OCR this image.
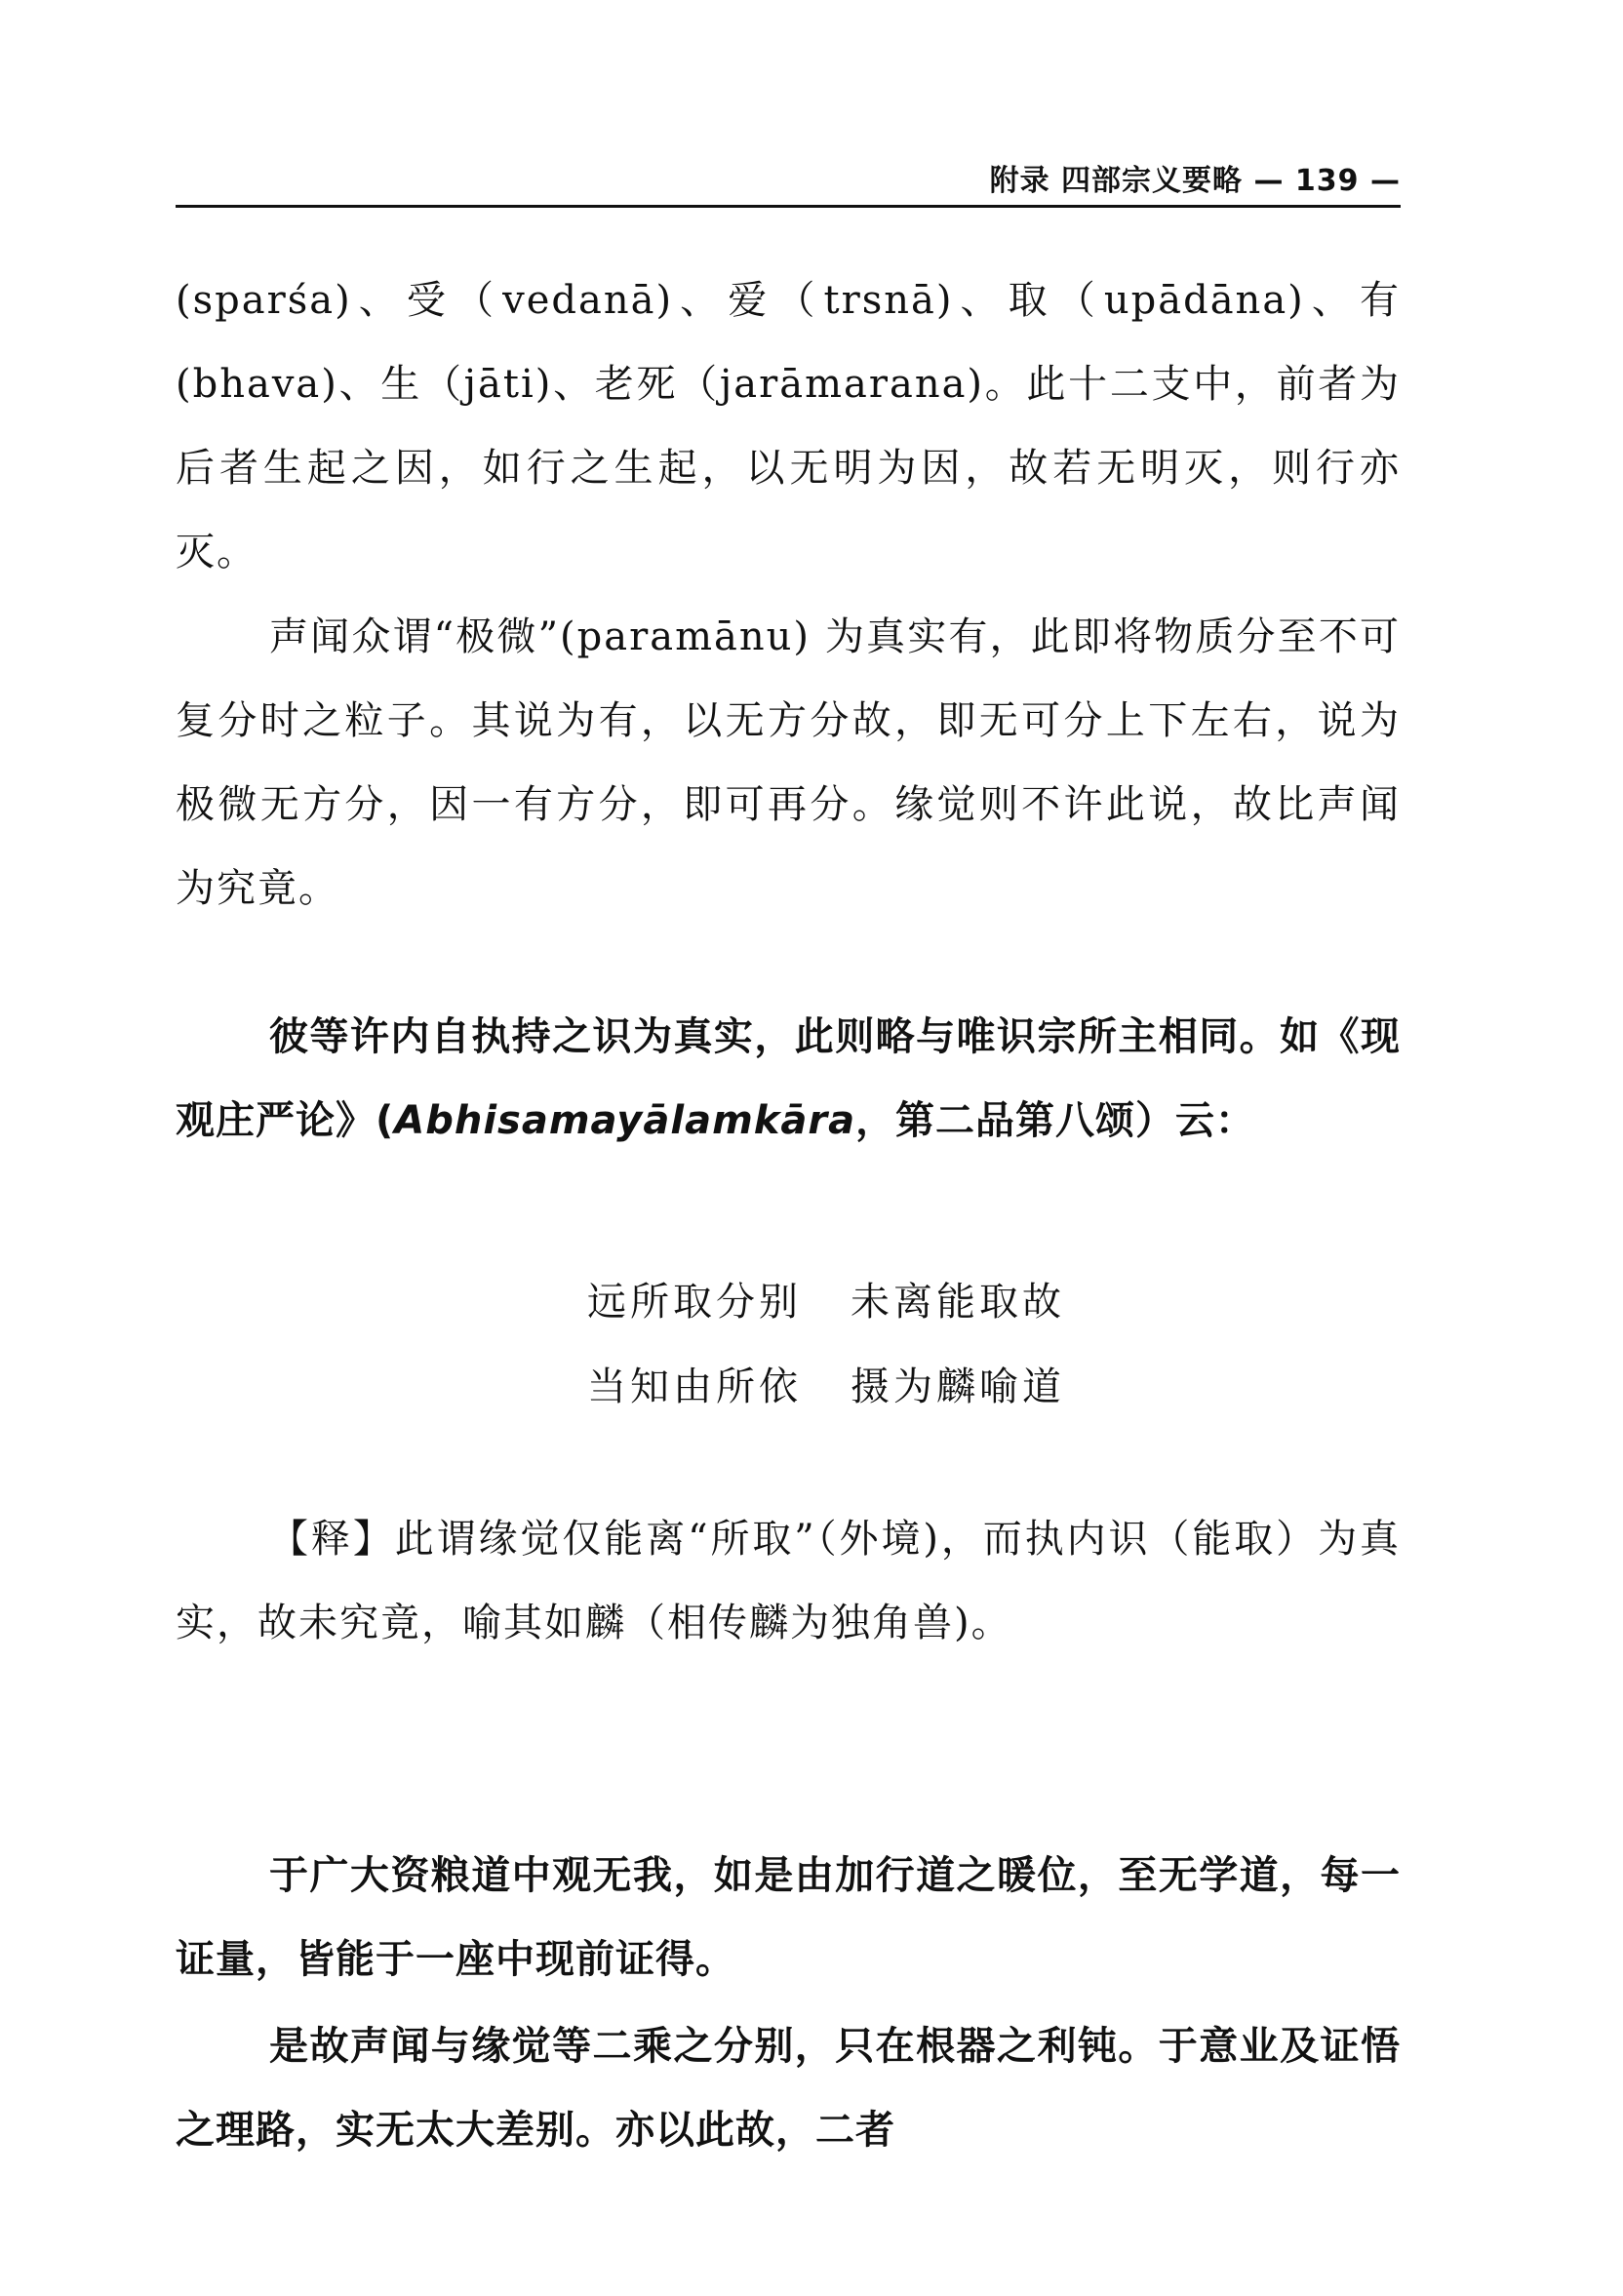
附录 四部宗义要略 — 139 —

(sparśa)、受（vedanā)、爱（trsnā)、取（upādāna)、有(bhava)、生（jāti)、老死（jarāmarana)。此十二支中，前者为后者生起之因，如行之生起，以无明为因，故若无明灭，则行亦灭。

声闻众谓“极微”(paramānu) 为真实有，此即将物质分至不可复分时之粒子。其说为有，以无方分故，即无可分上下左右，说为极微无方分，因一有方分，即可再分。缘觉则不许此说，故比声闻为究竟。

彼等许内自执持之识为真实，此则略与唯识宗所主相同。如《现观庄严论》(Abhisamayālamkāra，第二品第八颂）云：

远所取分别 未离能取故
当知由所依 摄为麟喻道

【释】此谓缘觉仅能离“所取”（外境)，而执内识（能取）为真实，故未究竟，喻其如麟（相传麟为独角兽)。

于广大资粮道中观无我，如是由加行道之暖位，至无学道，每一证量，皆能于一座中现前证得。

是故声闻与缘觉等二乘之分别，只在根器之利钝。于意业及证悟之理路，实无太大差别。亦以此故，二者
